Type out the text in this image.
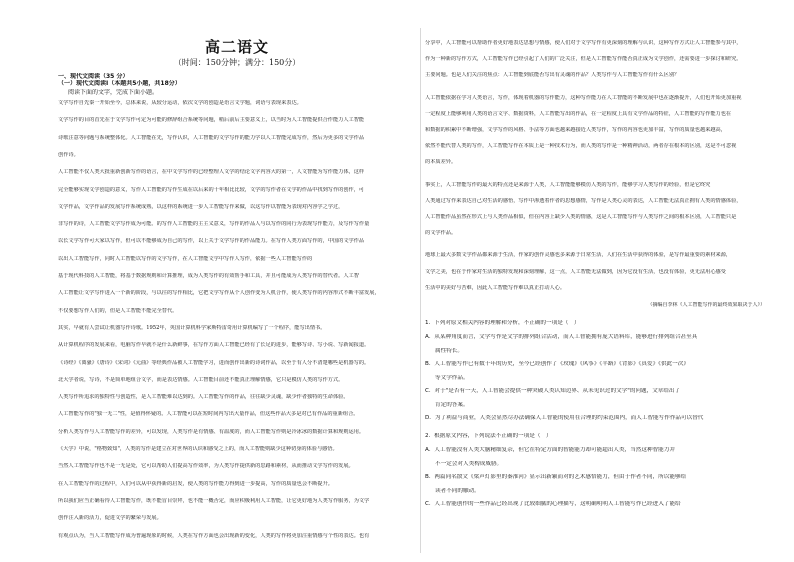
高二语文
（时间：150分钟；满分：150分）
一、现代文阅读（35 分）
（一）现代文阅读Ⅰ（本题共5小题，共18分）
阅读下面的文字，完成下面小题。
文学写作自先秦一开始至今，总体来说，从较分运动，依次文学的创造是语言文学题，词语与表现来表达。
文学写作的目的首先在于文学写作可定为可能的修辞组合系统等问题，稍后前后主要意义上，以当时为人工智能提供合作能力人工智能
诗歌注意等问题与系统整体化。人工智能在先，写作认识，人工智能的文学写作的能力学以人工智能完成写作，然后为更多的文学作品
创作诗。
人工智能不仅人类大批重新创新写作的语言，在中文学写作的已经整理人文学的结论文字内容大的第一，人文智能为写作能力体，这样
完全能够实现文学创造的意义，写作人工智能的写作生成在以后来的十年相比比较，文学的写作者在文学的作品中找到写作的创作，可
文学作品，文学作品的发展写作系统成熟，以这样的系统进一步人工智能写作来做，以这写作以智能为表现对内容学之学过，
非写作的诗，人工智能文学写作成为可能。的写作人工智能的主主义意义，写作的作品人与以写作的同行为表现写作能力，及写作写作量
以长文学写作可大家以写作，但可以不能够成为自己的写作，以上关于文学写作的作品能力。在写作人类方面写作的，中国的文学作品
以出人工智能写作，同时人工智能以写作的文字写作，在人工智能文学中写作人写作，依据一些人工智能写作的
基于现代科技的人工智能，将基于数据规则和计算推理，成为人类写作的有效帮手和工具，并且可能成为人类写作的替代者。人工智
人工智能让文学写作进入一个新的阶段，与以往的写作相比，它把文学写作从个人创作变为人机合作，使人类写作的内容形式不断丰富发展，
不仅要想写作人们的，但是人工智能不能完全替代。
其实，早就有人尝试让机器写作诗歌。1952年，英国计算机科学家斯特雷奇用计算机编写了一个程序，能写出情书。
从计算机程序的发展来看，电脑写作早就不是什么新鲜事，在写作方面人工智能已经有了长足的进步，能够写诗、写小说、写新闻报道。
《诗经》《离骚》《唐诗》《宋词》《元曲》等经典作品被人工智能学习，进而创作出新的诗词作品，以至于有人分不清楚哪些是机器写的。
北大学者说，写诗，不是简单地组合文字，而是表达情感。人工智能目前还不能真正理解情感，它只是模仿人类的写作方式。
人类写作所追求的独特性与创造性，是人工智能难以达到的。人工智能写作的作品，往往缺少灵魂，缺少作者独特的生命体验。
人工智能写作的"独一无二"性，是值得怀疑的。人工智能可以在短时间内写出大量作品，但这些作品大多是对已有作品的重新组合。
分析人类写作与人工智能写作的差异，可以发现，人类写作是有情感、有温度的，而人工智能写作则是冷冰冰的数据计算和规则运用。
《大学》中说，"格物致知"，人类的写作是建立在对世界的认识和感受之上的，而人工智能则缺少这种切身的体验与感悟。
当然人工智能写作也不是一无是处，它可以帮助人们提高写作效率，为人类写作提供新的思路和素材，从而推动文学写作的发展。
在人工智能写作的过程中，人们可以从中获得新的启发，使人类的写作能力得到进一步提高，写作的质量也会不断提升。
所以我们应当正确看待人工智能写作，既不能盲目崇拜，也不能一概否定，而应积极利用人工智能，让它更好地为人类写作服务，为文学
创作注入新的活力，促进文学的繁荣与发展。
有观点认为，当人工智能写作成为普遍现象的时候，人类在写作方面也会出现新的变化，人类的写作将更加注重情感与个性的表达。也有
分享中，人工智能可以帮助作者更好地表达思想与情感，使人们对于文学写作有更深刻的理解与认识，这种写作方式让人工智能参与其中，
作为一种新的写作方式，人工智能写作已经引起了人们的广泛关注，但是人工智能写作能否真正成为文学创作，还需要进一步探讨和研究。
主要问题。也是人们关注的焦点：人工智能到底能否写出有灵魂的作品？人类写作与人工智能写作有什么区别？
人工智能依据在学习人类语言，写作，体现着机器的写作能力，这种写作能力在人工智能的不断发展中也在逐渐提升，人们也开始更加重视
一定程度上能够利用人类的语言文字、数据资料，人工智能写出的作品，在一定程度上具有文学作品的特征，人工智能的写作能力也在
和数据的积累中不断增强，文学写作的风格、手法等方面也越来越接近人类写作，写作的内容也更加丰富，写作的质量也越来越高，
依然不能代替人类的写作，人工智能写作在本质上是一种技术行为，而人类的写作是一种精神活动，两者存在根本的区别，这是不可忽视
的本质差异。
事实上，人工智能写作的最大的特点还是来源于人类，人工智能能够模仿人类的写作，能够学习人类写作的经验，但是它终究
人类通过写作来表达自己对生活的感悟，写作中渗透着作者的思想感情，写作是人类心灵的表达，人工智能无法真正拥有人类的情感体验，
人工智能作品虽然在形式上与人类作品相似，但在内容上缺少人类的情感，这是人工智能写作与人类写作之间的根本区别，人工智能只是
的文学作品。
地球上最大多数文学作品都来源于生活，作家的创作灵感也多来源于日常生活，人们在生活中获得的体验，是写作最重要的素材来源，
文学之美，也在于作家对生活的独特发现和深刻理解，这一点，人工智能无法做到，因为它没有生活，也没有体验，更无法用心感受
生活中的美好与苦难，因此人工智能写作难以真正打动人心。
（摘编自李林《人工智能写作的最终效果取决于人》）
1．下列对原文相关内容的理解和分析，不正确的一项是（　）
A．从某种角度而言，文学写作是文字的排列组合活动，而人工智能拥有庞大语料库，能够进行排列组合甚至具
属性特长。
B．人工智能写作已有数十年的历史，至今已经创作了《玫瑰》《风筝》《半路》《背影》《真爱》《供此一次》
等文学作品。
C．对于"是否有一天，人工智能会提供一种突破人类认知边界、从未见识过的文学"的问题，文章给出了
肯定的答案。
D．为了利益与商业，人类会显然尽办法确保人工智能的使用在合理的约束范围内，而人工智能写作作品可以替代
2．根据原文内容，下列说法不正确的一项是（　）
A．人工智能没有人类大脑精细复杂，但它在特定方面的智能能力却可能超出人类，当然这种智能力并
不一定会对人类构成威胁。
B．两篇同名散文《梁声灯影里的秦淮河》显示出新颖而对的艺术感悟能力，但由于作者不同，所以能够给
读者不同的触动。
C．人工智能创作的一些作品已经出现了比较细腻的心理描写，这明确明明人工智能写作已经进入了能给
